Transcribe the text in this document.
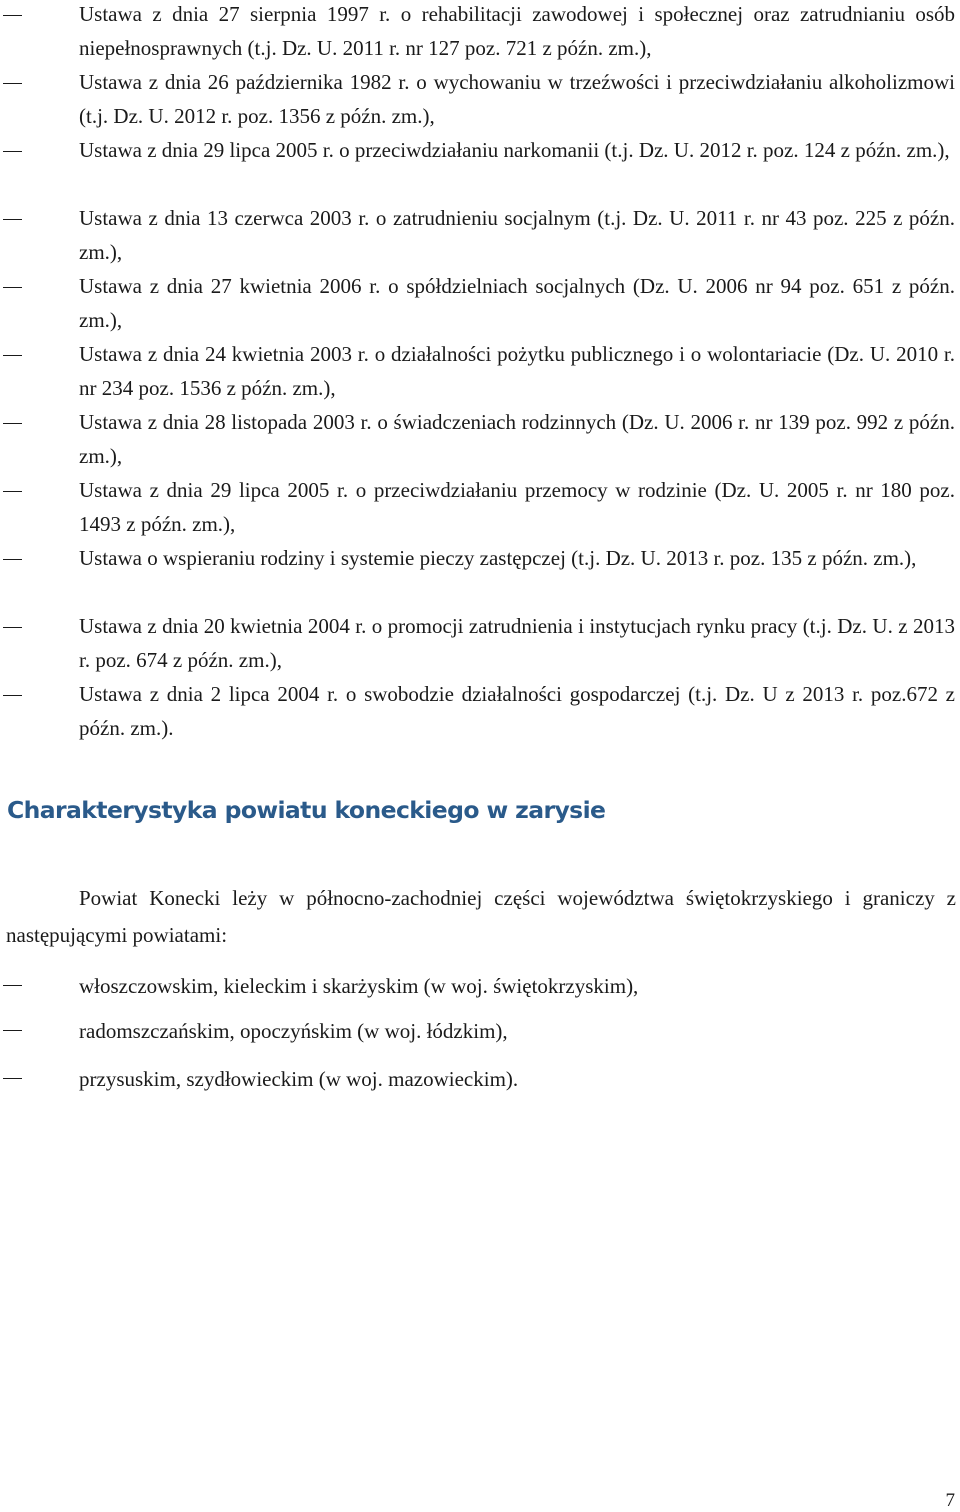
Ustawa z dnia 27 sierpnia 1997 r. o rehabilitacji zawodowej i społecznej oraz zatrudnianiu osób niepełnosprawnych (t.j. Dz. U. 2011 r. nr 127 poz. 721 z późn. zm.),

Ustawa z dnia 26 października 1982 r. o wychowaniu w trzeźwości i przeciwdziałaniu alkoholizmowi (t.j. Dz. U. 2012 r. poz. 1356 z późn. zm.),

Ustawa z dnia 29 lipca 2005 r. o przeciwdziałaniu narkomanii (t.j. Dz. U. 2012 r. poz. 124 z późn. zm.),

Ustawa z dnia 13 czerwca 2003 r. o zatrudnieniu socjalnym (t.j. Dz. U. 2011 r. nr 43 poz. 225 z późn. zm.),

Ustawa z dnia 27 kwietnia 2006 r. o spółdzielniach socjalnych (Dz. U. 2006 nr 94 poz. 651 z późn. zm.),

Ustawa z dnia 24 kwietnia 2003 r. o działalności pożytku publicznego i o wolontariacie (Dz. U. 2010 r. nr 234 poz. 1536 z późn. zm.),

Ustawa z dnia 28 listopada 2003 r. o świadczeniach rodzinnych (Dz. U. 2006 r. nr 139 poz. 992 z późn. zm.),

Ustawa z dnia 29 lipca 2005 r. o przeciwdziałaniu przemocy w rodzinie (Dz. U. 2005 r. nr 180 poz. 1493 z późn. zm.),

Ustawa o wspieraniu rodziny i systemie pieczy zastępczej (t.j. Dz. U. 2013 r. poz. 135 z późn. zm.),

Ustawa z dnia 20 kwietnia 2004 r. o promocji zatrudnienia i instytucjach rynku pracy (t.j. Dz. U. z 2013 r. poz. 674 z późn. zm.),

Ustawa z dnia 2 lipca 2004 r. o swobodzie działalności gospodarczej (t.j. Dz. U z 2013 r. poz.672 z późn. zm.).

Charakterystyka powiatu koneckiego w zarysie

Powiat Konecki leży w północno-zachodniej części województwa świętokrzyskiego i graniczy z następującymi powiatami:

włoszczowskim, kieleckim i skarżyskim (w woj. świętokrzyskim),

radomszczańskim, opoczyńskim (w woj. łódzkim),

przysuskim, szydłowieckim (w woj. mazowieckim).

7
